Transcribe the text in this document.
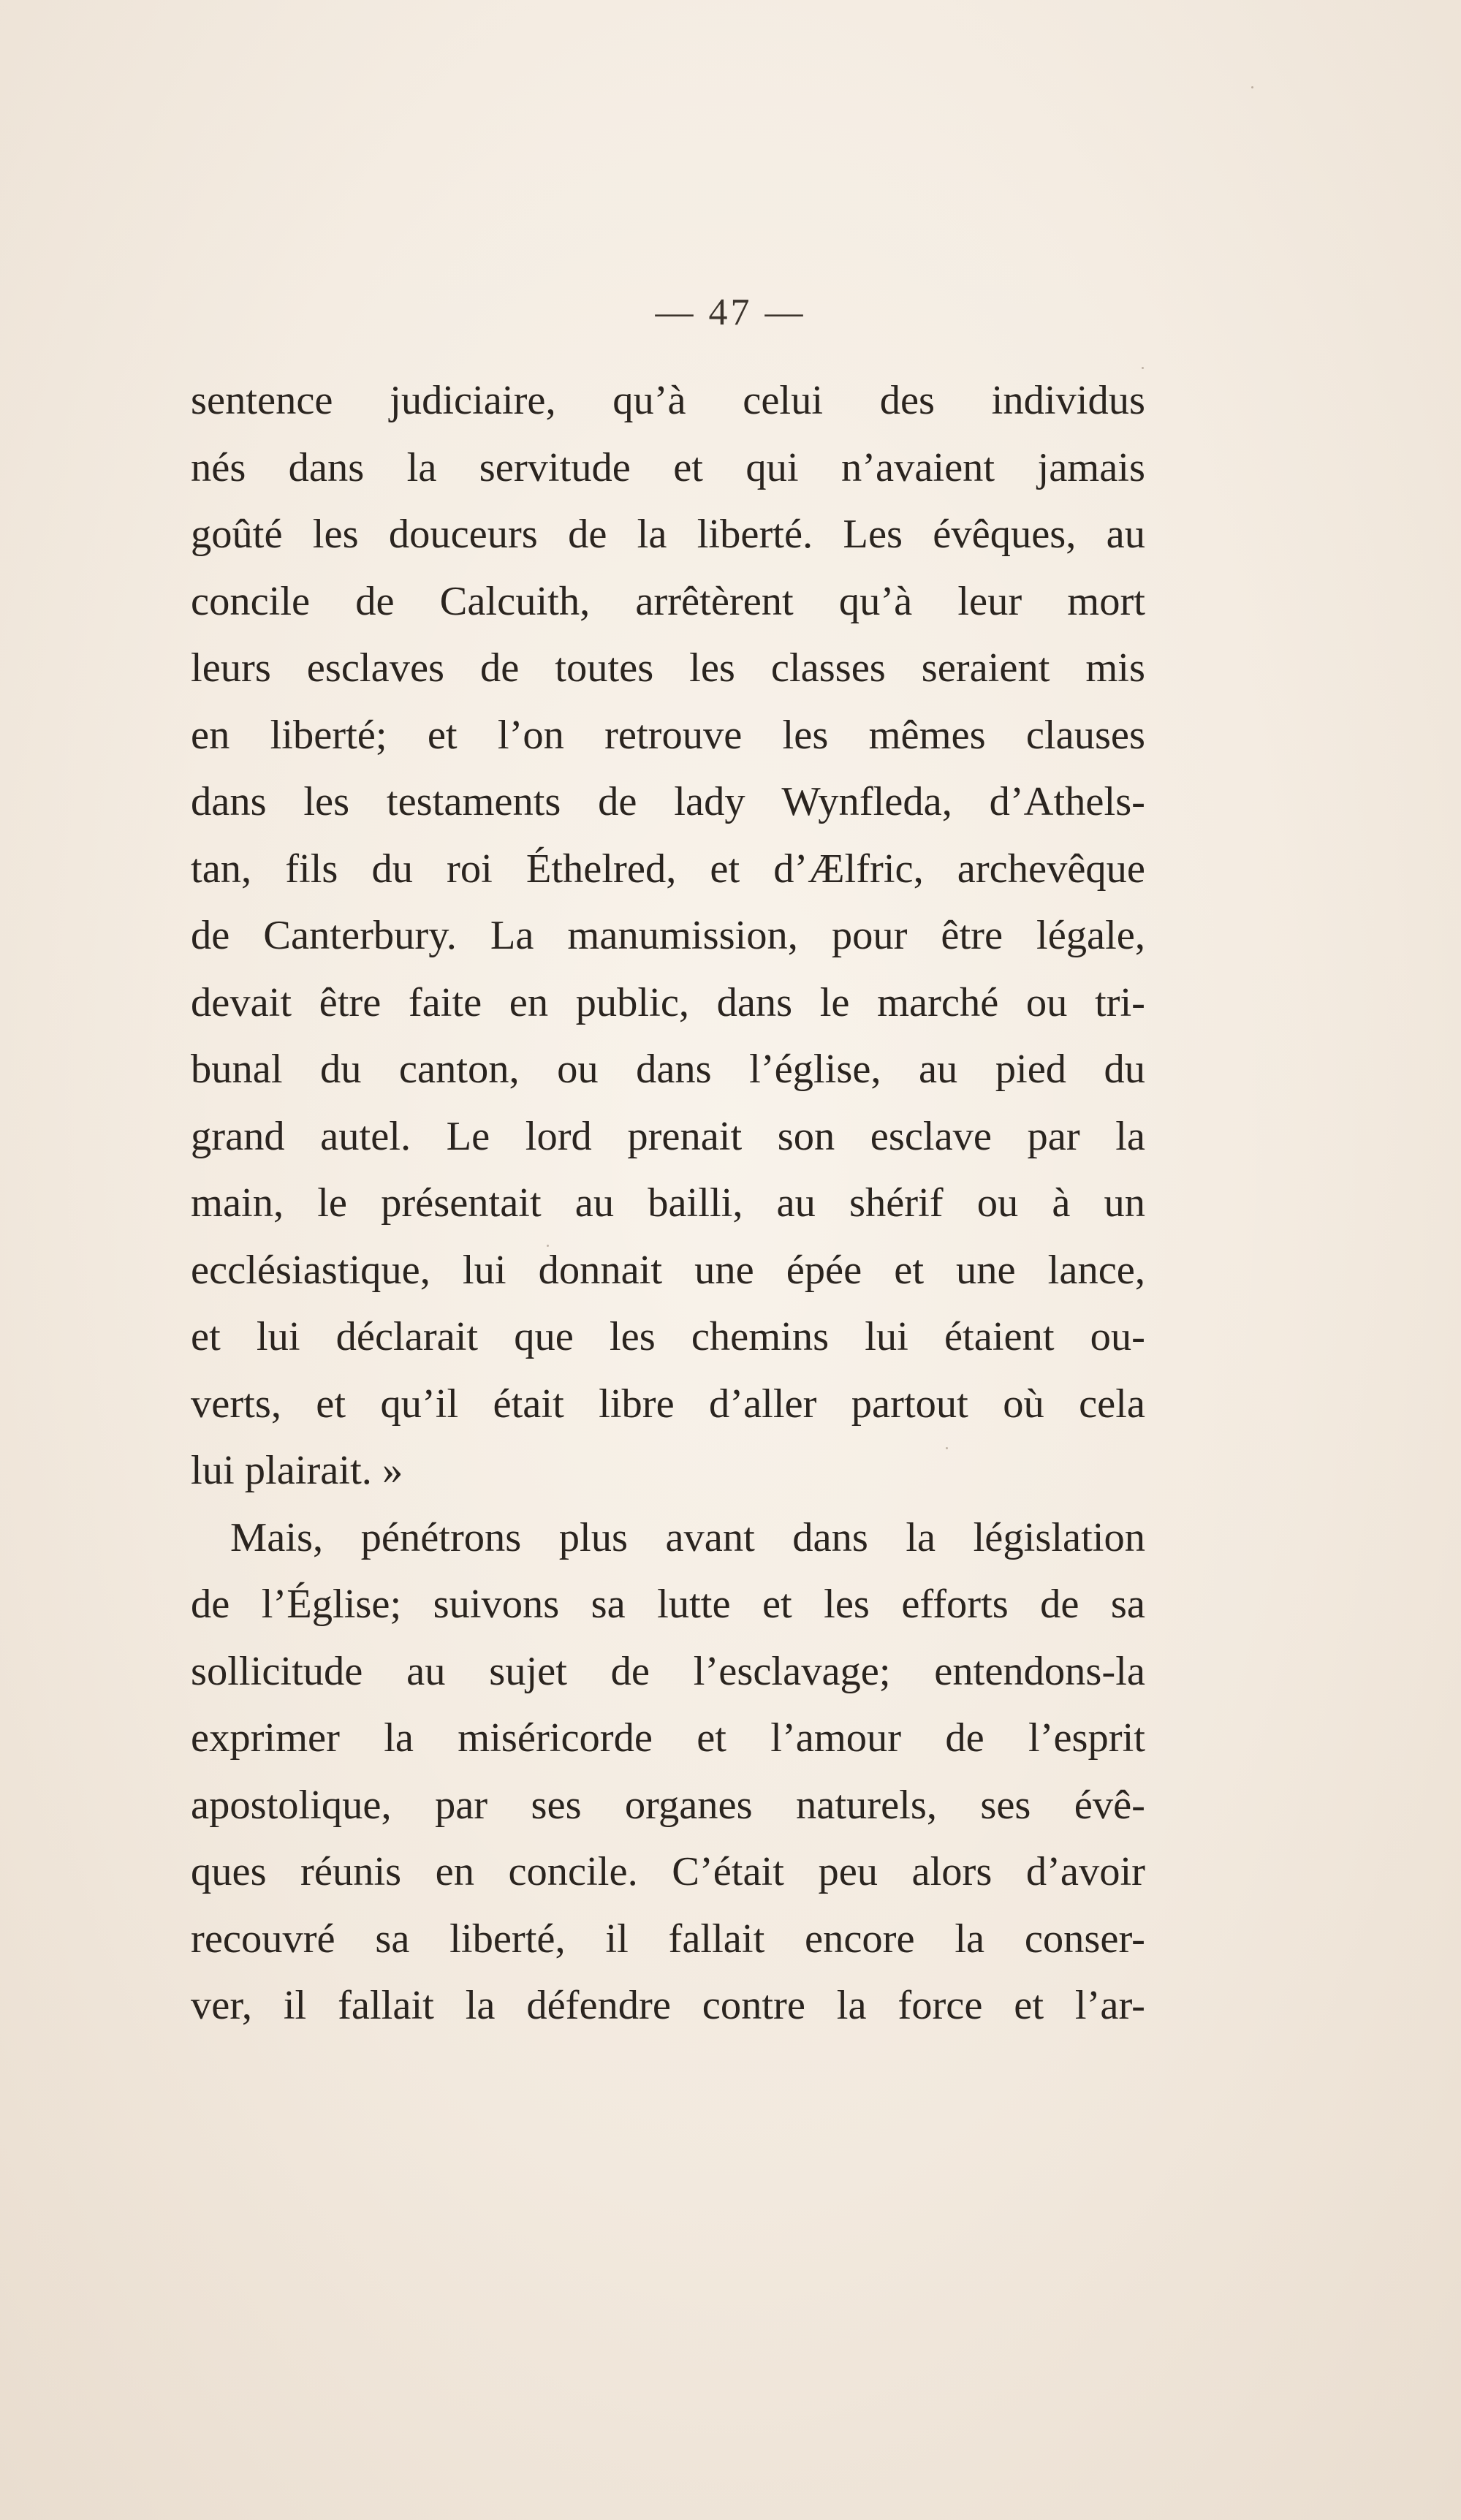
— 47 —
sentence judiciaire, qu’à celui des individus
nés dans la servitude et qui n’avaient jamais
goûté les douceurs de la liberté. Les évêques, au
concile de Calcuith, arrêtèrent qu’à leur mort
leurs esclaves de toutes les classes seraient mis
en liberté; et l’on retrouve les mêmes clauses
dans les testaments de lady Wynfleda, d’Athels-
tan, fils du roi Éthelred, et d’Ælfric, archevêque
de Canterbury. La manumission, pour être légale,
devait être faite en public, dans le marché ou tri-
bunal du canton, ou dans l’église, au pied du
grand autel. Le lord prenait son esclave par la
main, le présentait au bailli, au shérif ou à un
ecclésiastique, lui donnait une épée et une lance,
et lui déclarait que les chemins lui étaient ou-
verts, et qu’il était libre d’aller partout où cela
lui plairait. »
Mais, pénétrons plus avant dans la législation
de l’Église; suivons sa lutte et les efforts de sa
sollicitude au sujet de l’esclavage; entendons-la
exprimer la miséricorde et l’amour de l’esprit
apostolique, par ses organes naturels, ses évê-
ques réunis en concile. C’était peu alors d’avoir
recouvré sa liberté, il fallait encore la conser-
ver, il fallait la défendre contre la force et l’ar-
